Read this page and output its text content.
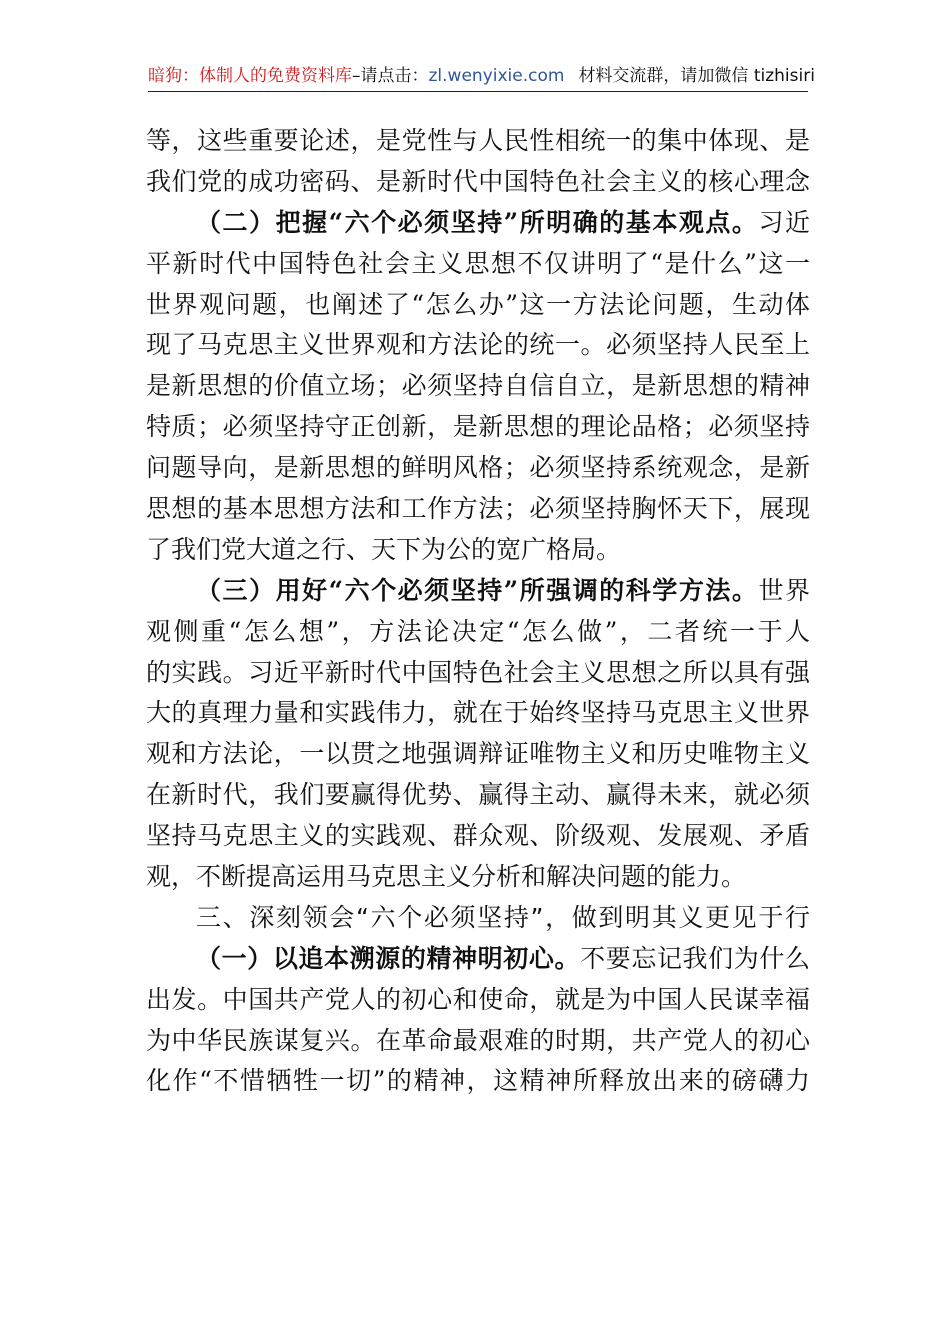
暗狗：体制人的免费资料库–请点击：zl.wenyixie.com 材料交流群，请加微信 tizhisiri
等，这些重要论述，是党性与人民性相统一的集中体现、是
我们党的成功密码、是新时代中国特色社会主义的核心理念
（二）把握“六个必须坚持”所明确的基本观点。习近
平新时代中国特色社会主义思想不仅讲明了“是什么”这一
世界观问题，也阐述了“怎么办”这一方法论问题，生动体
现了马克思主义世界观和方法论的统一。必须坚持人民至上
是新思想的价值立场；必须坚持自信自立，是新思想的精神
特质；必须坚持守正创新，是新思想的理论品格；必须坚持
问题导向，是新思想的鲜明风格；必须坚持系统观念，是新
思想的基本思想方法和工作方法；必须坚持胸怀天下，展现
了我们党大道之行、天下为公的宽广格局。
（三）用好“六个必须坚持”所强调的科学方法。世界
观侧重“怎么想”，方法论决定“怎么做”，二者统一于人
的实践。习近平新时代中国特色社会主义思想之所以具有强
大的真理力量和实践伟力，就在于始终坚持马克思主义世界
观和方法论，一以贯之地强调辩证唯物主义和历史唯物主义
在新时代，我们要赢得优势、赢得主动、赢得未来，就必须
坚持马克思主义的实践观、群众观、阶级观、发展观、矛盾
观，不断提高运用马克思主义分析和解决问题的能力。
三、深刻领会“六个必须坚持”，做到明其义更见于行
（一）以追本溯源的精神明初心。不要忘记我们为什么
出发。中国共产党人的初心和使命，就是为中国人民谋幸福
为中华民族谋复兴。在革命最艰难的时期，共产党人的初心
化作“不惜牺牲一切”的精神，这精神所释放出来的磅礴力
